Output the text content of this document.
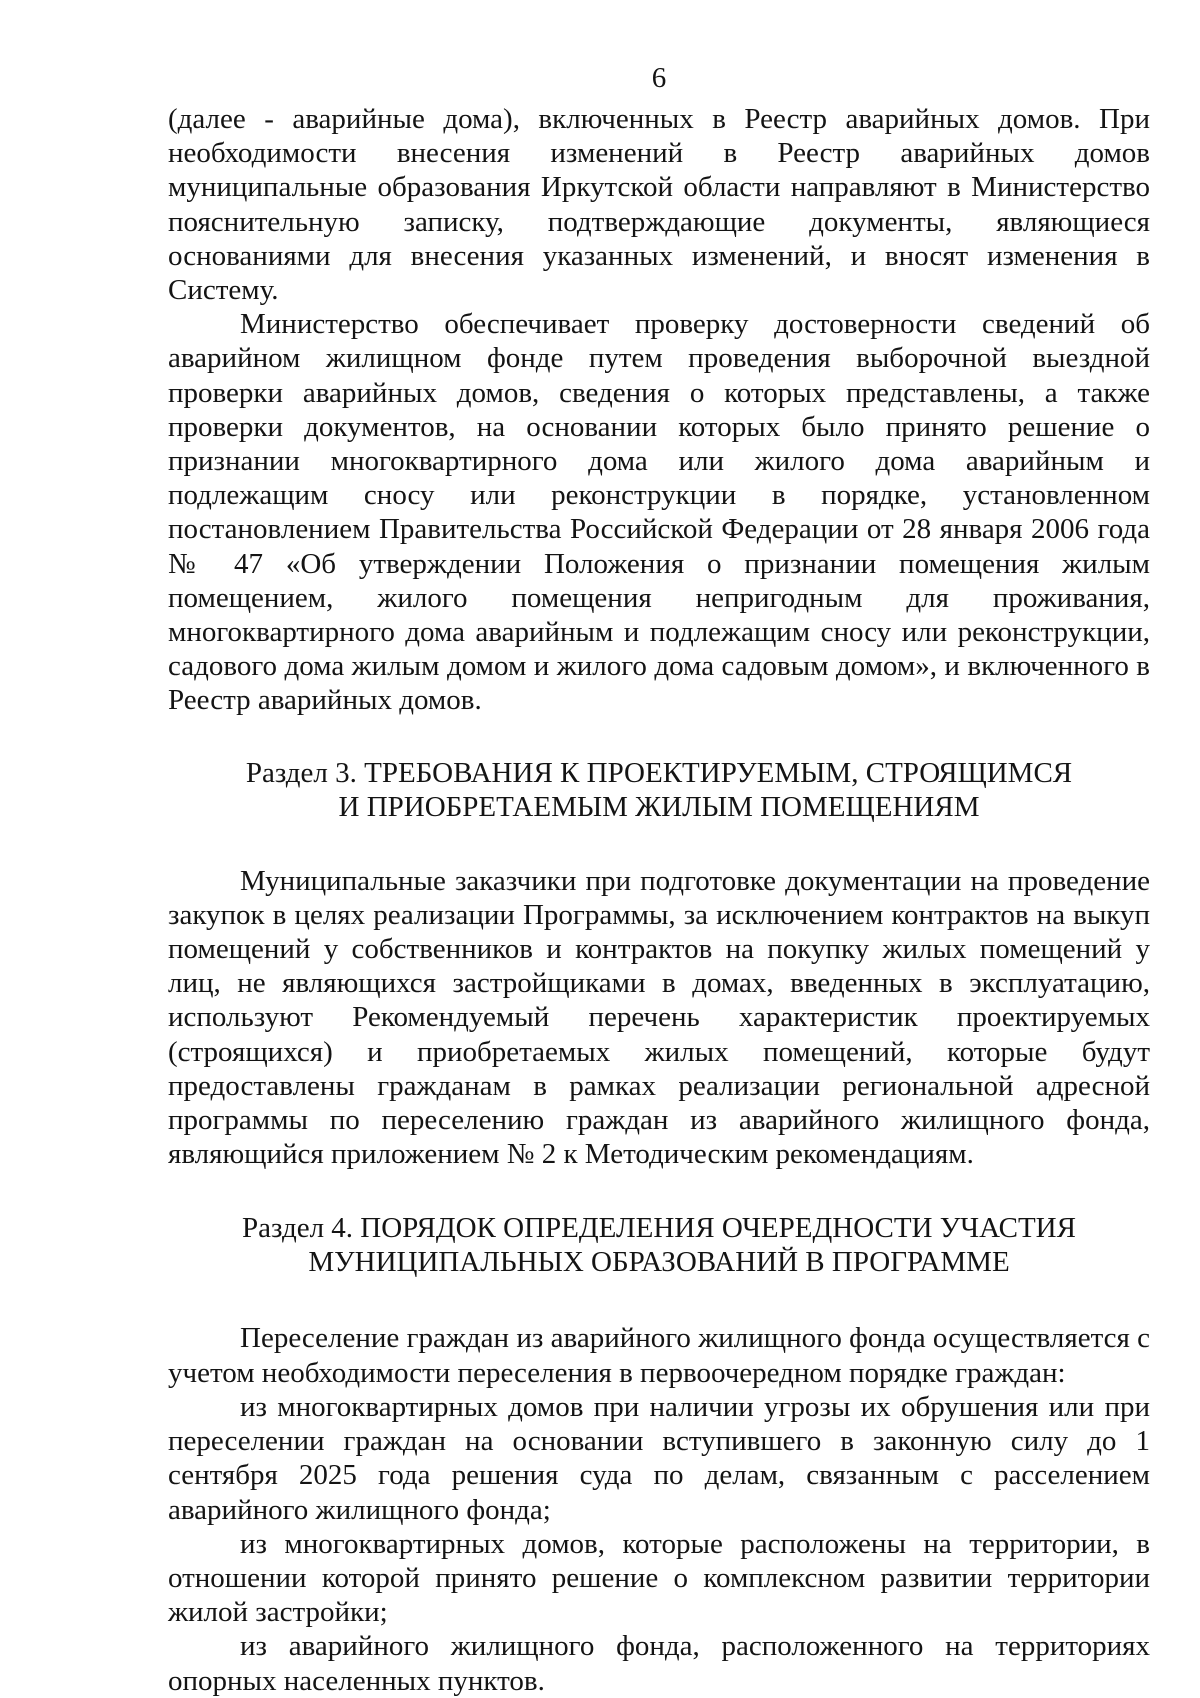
6

(далее - аварийные дома), включенных в Реестр аварийных домов. При необходимости внесения изменений в Реестр аварийных домов муниципальные образования Иркутской области направляют в Министерство пояснительную записку, подтверждающие документы, являющиеся основаниями для внесения указанных изменений, и вносят изменения в Систему.

Министерство обеспечивает проверку достоверности сведений об аварийном жилищном фонде путем проведения выборочной выездной проверки аварийных домов, сведения о которых представлены, а также проверки документов, на основании которых было принято решение о признании многоквартирного дома или жилого дома аварийным и подлежащим сносу или реконструкции в порядке, установленном постановлением Правительства Российской Федерации от 28 января 2006 года № 47 «Об утверждении Положения о признании помещения жилым помещением, жилого помещения непригодным для проживания, многоквартирного дома аварийным и подлежащим сносу или реконструкции, садового дома жилым домом и жилого дома садовым домом», и включенного в Реестр аварийных домов.

Раздел 3. ТРЕБОВАНИЯ К ПРОЕКТИРУЕМЫМ, СТРОЯЩИМСЯ
И ПРИОБРЕТАЕМЫМ ЖИЛЫМ ПОМЕЩЕНИЯМ

Муниципальные заказчики при подготовке документации на проведение закупок в целях реализации Программы, за исключением контрактов на выкуп помещений у собственников и контрактов на покупку жилых помещений у лиц, не являющихся застройщиками в домах, введенных в эксплуатацию, используют Рекомендуемый перечень характеристик проектируемых (строящихся) и приобретаемых жилых помещений, которые будут предоставлены гражданам в рамках реализации региональной адресной программы по переселению граждан из аварийного жилищного фонда, являющийся приложением № 2 к Методическим рекомендациям.

Раздел 4. ПОРЯДОК ОПРЕДЕЛЕНИЯ ОЧЕРЕДНОСТИ УЧАСТИЯ
МУНИЦИПАЛЬНЫХ ОБРАЗОВАНИЙ В ПРОГРАММЕ

Переселение граждан из аварийного жилищного фонда осуществляется с учетом необходимости переселения в первоочередном порядке граждан:

из многоквартирных домов при наличии угрозы их обрушения или при переселении граждан на основании вступившего в законную силу до 1 сентября 2025 года решения суда по делам, связанным с расселением аварийного жилищного фонда;

из многоквартирных домов, которые расположены на территории, в отношении которой принято решение о комплексном развитии территории жилой застройки;

из аварийного жилищного фонда, расположенного на территориях опорных населенных пунктов.
